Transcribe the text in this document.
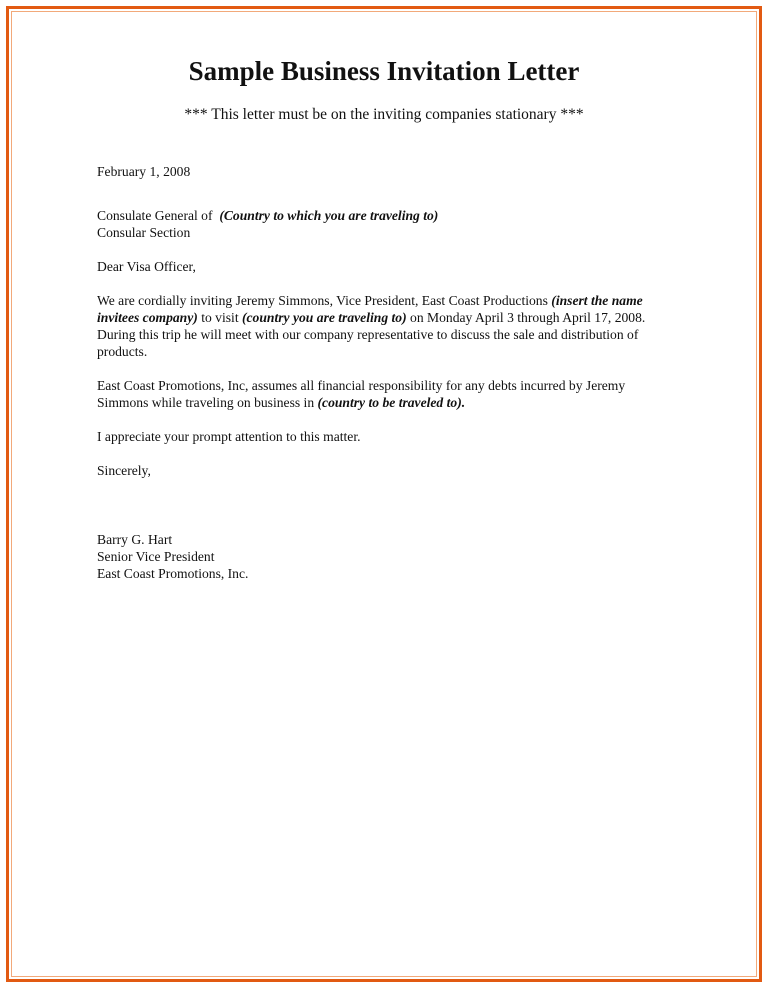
Sample Business Invitation Letter
*** This letter must be on the inviting companies stationary ***

February 1, 2008

Consulate General of  (Country to which you are traveling to)

Consular Section

Dear Visa Officer,

We are cordially inviting Jeremy Simmons, Vice President, East Coast Productions (insert the name invitees company) to visit (country you are traveling to) on Monday April 3 through April 17, 2008.  During this trip he will meet with our company representative to discuss the sale and distribution of products.

East Coast Promotions, Inc, assumes all financial responsibility for any debts incurred by Jeremy Simmons while traveling on business in (country to be traveled to).

I appreciate your prompt attention to this matter.

Sincerely,

Barry G. Hart

Senior Vice President

East Coast Promotions, Inc.
